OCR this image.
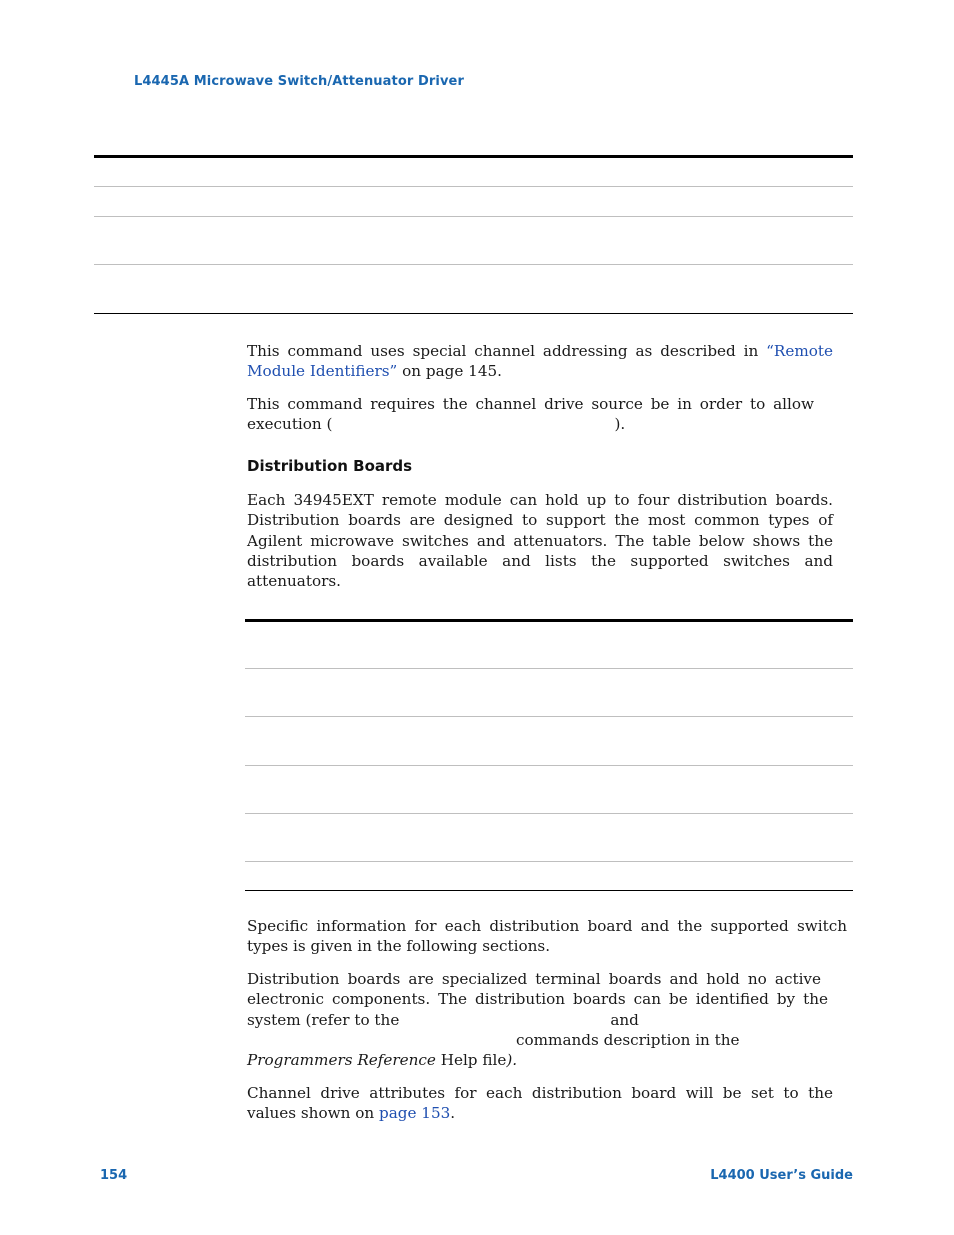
L4445A Microwave Switch/Attenuator Driver

This command uses special channel addressing as described in “Remote Module Identifiers” on page 145.

This command requires the channel drive source be in order to allow
execution (	).

Distribution Boards

Each 34945EXT remote module can hold up to four distribution boards. Distribution boards are designed to support the most common types of Agilent microwave switches and attenuators. The table below shows the distribution boards available and lists the supported switches and attenuators.

Specific information for each distribution board and the supported switch types is given in the following sections.

Distribution boards are specialized terminal boards and hold no active
electronic components. The distribution boards can be identified by the
system (refer to the	and
commands description in the
Programmers Reference Help file).

Channel drive attributes for each distribution board will be set to the values shown on page 153.

154	L4400 User’s Guide
